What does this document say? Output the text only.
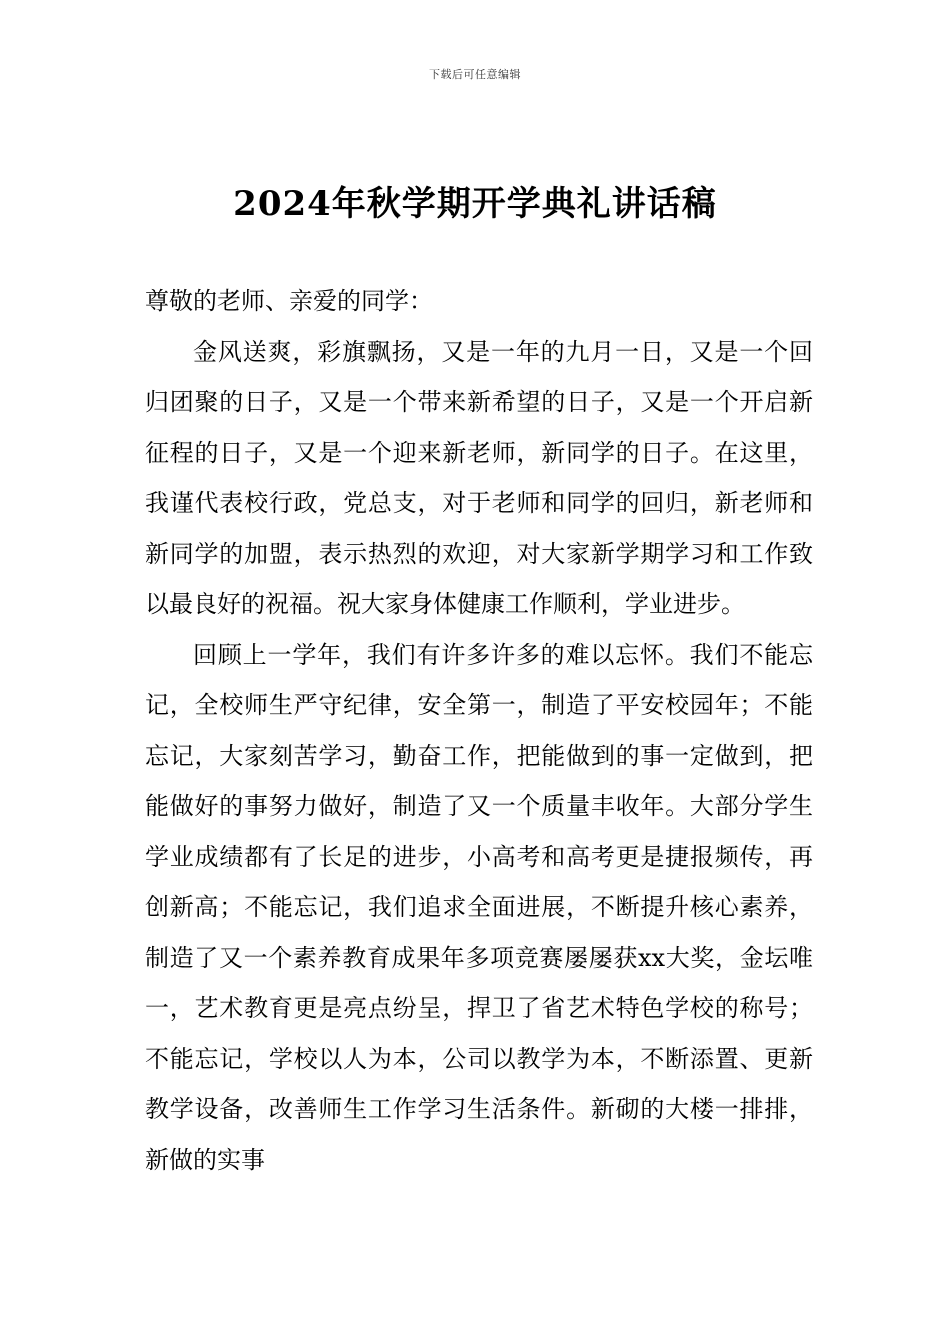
下载后可任意编辑
2024年秋学期开学典礼讲话稿

尊敬的老师、亲爱的同学：

金风送爽，彩旗飘扬，又是一年的九月一日，又是一个回归团聚的日子，又是一个带来新希望的日子，又是一个开启新征程的日子，又是一个迎来新老师，新同学的日子。在这里，我谨代表校行政，党总支，对于老师和同学的回归，新老师和新同学的加盟，表示热烈的欢迎，对大家新学期学习和工作致以最良好的祝福。祝大家身体健康工作顺利，学业进步。

回顾上一学年，我们有许多许多的难以忘怀。我们不能忘记，全校师生严守纪律，安全第一，制造了平安校园年；不能忘记，大家刻苦学习，勤奋工作，把能做到的事一定做到，把能做好的事努力做好，制造了又一个质量丰收年。大部分学生学业成绩都有了长足的进步，小高考和高考更是捷报频传，再创新高；不能忘记，我们追求全面进展，不断提升核心素养，制造了又一个素养教育成果年多项竞赛屡屡获xx大奖，金坛唯一，艺术教育更是亮点纷呈，捍卫了省艺术特色学校的称号；不能忘记，学校以人为本，公司以教学为本，不断添置、更新教学设备，改善师生工作学习生活条件。新砌的大楼一排排，新做的实事
